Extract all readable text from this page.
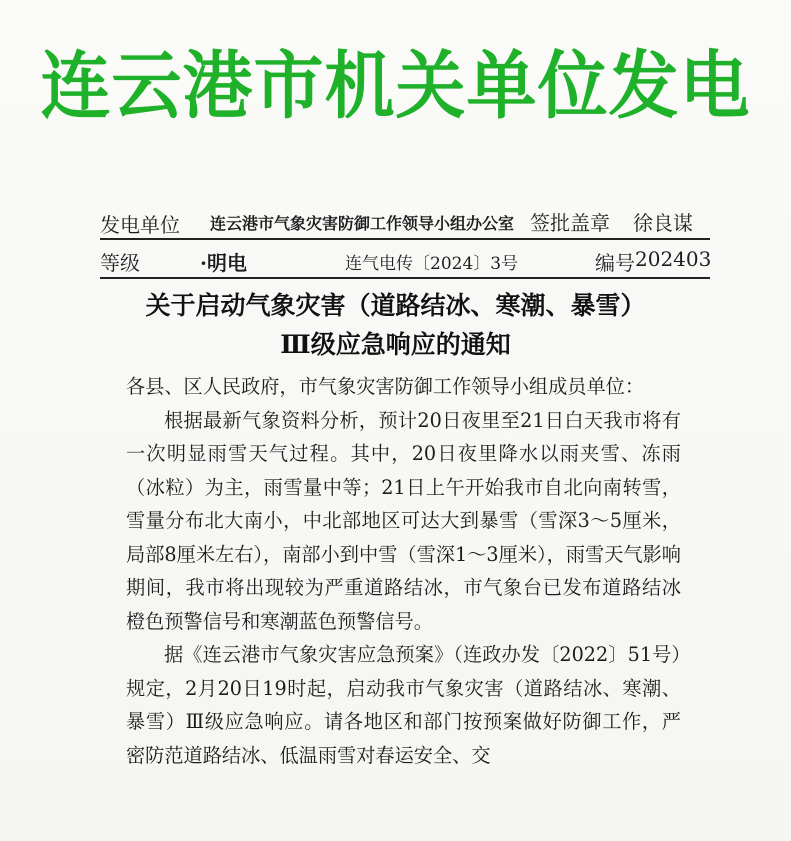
连云港市机关单位发电
发电单位 连云港市气象灾害防御工作领导小组办公室 签批盖章 徐良谋
等级	·明电	连气电传〔2024〕3号	编号 202403
关于启动气象灾害（道路结冰、寒潮、暴雪）
Ⅲ级应急响应的通知

各县、区人民政府，市气象灾害防御工作领导小组成员单位：

根据最新气象资料分析，预计20日夜里至21日白天我市将有一次明显雨雪天气过程。其中，20日夜里降水以雨夹雪、冻雨（冰粒）为主，雨雪量中等；21日上午开始我市自北向南转雪，雪量分布北大南小，中北部地区可达大到暴雪（雪深3～5厘米，局部8厘米左右），南部小到中雪（雪深1～3厘米），雨雪天气影响期间，我市将出现较为严重道路结冰，市气象台已发布道路结冰橙色预警信号和寒潮蓝色预警信号。

据《连云港市气象灾害应急预案》（连政办发〔2022〕51号）规定，2月20日19时起，启动我市气象灾害（道路结冰、寒潮、暴雪）Ⅲ级应急响应。请各地区和部门按预案做好防御工作，严密防范道路结冰、低温雨雪对春运安全、交
